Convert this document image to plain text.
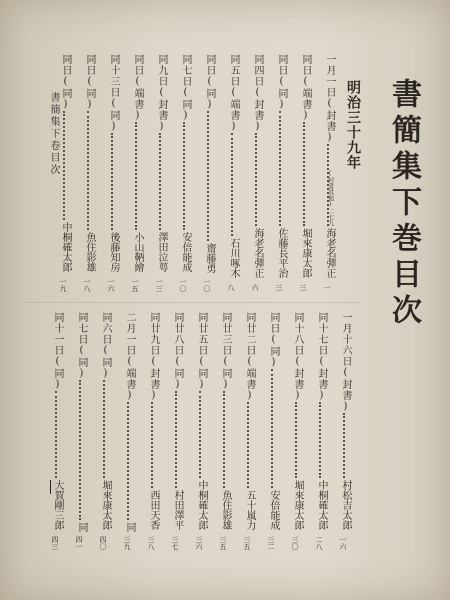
書簡集下巻目次
明治三十九年
(封書其他)二七九
一月一日(封書)
海老名彈正
一
同日(端書)
堀來康太郎
三
同日(同)
佐藤長平治
三
同四日(封書)
海老名彈正
六
同五日(端書)
石川啄木
八
同日(同)
齋藤勇
一〇
同七日(同)
安倍能成
一〇
同九日(封書)
澤田泣萼
一三
同日(端書)
小山鞆繪
一五
同十三日(同)
後藤知房
一六
同日(同)
魚住影雄
一八
同日(同)
中桐確太郎
一九
一月十六日(封書)
村松吉太郎
一六
同十七日(封書)
中桐確太郎
二八
同十八日(封書)
堀來康太郎
三〇
同日(同)
安倍能成
三二
同廿二日(端書)
五十嵐力
三五
同廿三日(同)
魚住影雄
三五
同廿五日(同)
中桐確太郎
三六
同廿八日(同)
村田澤平
三七
同廿九日(封書)
西田天香
三八
二月一日(端書)
同
三九
同六日(同)
堀來康太郎
四〇
同七日(同)
同
四一
同十一日(同)
大賀剛三郎
四三
書簡集下卷目次
